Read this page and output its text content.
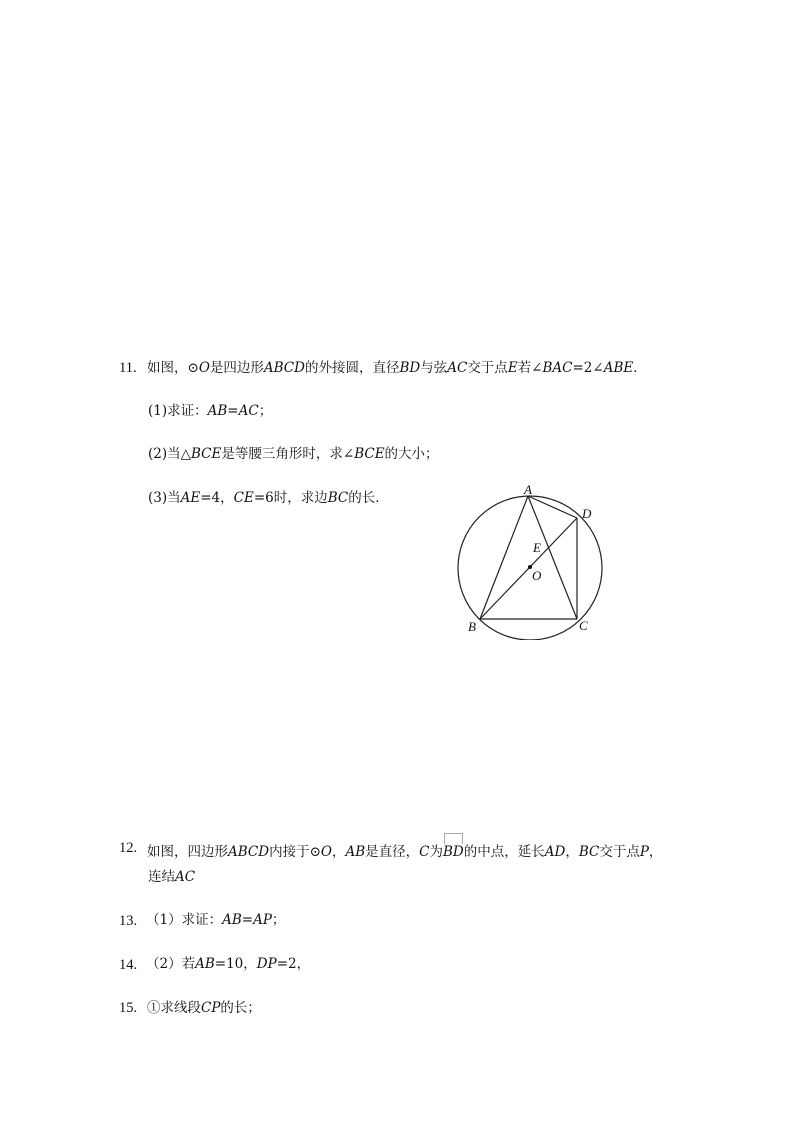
11. 如图，⊙O是四边形ABCD的外接圆，直径BD与弦AC交于点E若∠BAC=2∠ABE．
(1)求证：AB=AC；
(2)当△BCE是等腰三角形时，求∠BCE的大小；
(3)当AE=4，CE=6时，求边BC的长．
A
D
E
O
B	C
12. 如图，四边形ABCD内接于⊙O，AB是直径，C为
BD的中点，延长AD，BC交于点P，
连结AC
13. （1）求证：AB=AP；
14. （2）若AB=10，DP=2，
15. ①求线段CP的长；
